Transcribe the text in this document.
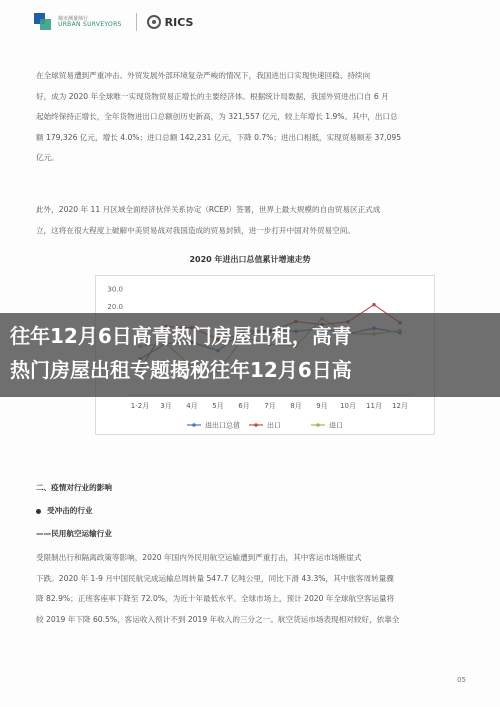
城市测量师行
URBAN SURVEYORS	RICS
在全球贸易遭到严重冲击、外贸发展外部环境复杂严峻的情况下，我国进出口实现快速回稳、持续向
好，成为 2020 年全球唯一实现货物贸易正增长的主要经济体。根据统计局数据，我国外贸进出口自 6 月
起始终保持正增长，全年货物进出口总额创历史新高，为 321,557 亿元，较上年增长 1.9%。其中，出口总
额 179,326 亿元，增长 4.0%；进口总额 142,231 亿元，下降 0.7%；进出口相抵，实现贸易顺差 37,095
亿元。
此外，2020 年 11 月区域全面经济伙伴关系协定（RCEP）签署，世界上最大规模的自由贸易区正式成
立，这将在很大程度上破解中美贸易战对我国造成的贸易封锁，进一步打开中国对外贸易空间。
2020 年进出口总值累计增速走势
30.0
20.0
1-2月 3月 4月 5月 6月 7月 8月 9月 10月 11月 12月
进出口总值	出口	进口
往年12月6日高青热门房屋出租，高青
热门房屋出租专题揭秘往年12月6日高
二、疫情对行业的影响
受冲击的行业
——民用航空运输行业
受限制出行和隔离政策等影响，2020 年国内外民用航空运输遭到严重打击，其中客运市场断崖式
下跌。2020 年 1-9 月中国民航完成运输总周转量 547.7 亿吨公里，同比下滑 43.3%，其中旅客周转量骤
降 82.9%；正班客座率下降至 72.0%，为近十年最低水平。全球市场上，预计 2020 年全球航空客运量将
较 2019 年下降 60.5%，客运收入预计不到 2019 年收入的三分之一。航空货运市场表现相对较好，依靠全
05
